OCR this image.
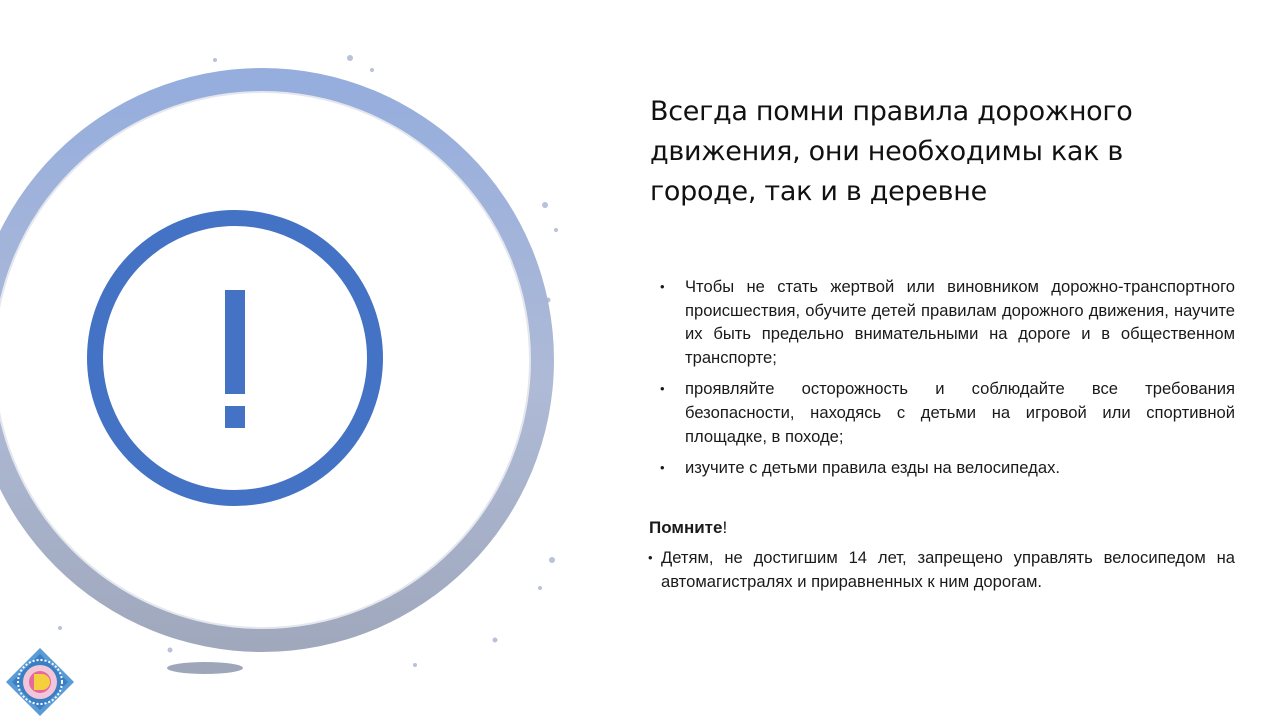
Всегда помни правила дорожного движения, они необходимы как в городе, так и в деревне
• Чтобы не стать жертвой или виновником дорожно-транспортного происшествия, обучите детей правилам дорожного движения, научите их быть предельно внимательными на дороге и в общественном транспорте;
• проявляйте осторожность и соблюдайте все требования безопасности, находясь с детьми на игровой или спортивной площадке, в походе;
• изучите с детьми правила езды на велосипедах.
Помните!
• Детям, не достигшим 14 лет, запрещено управлять велосипедом на автомагистралях и приравненных к ним дорогам.
